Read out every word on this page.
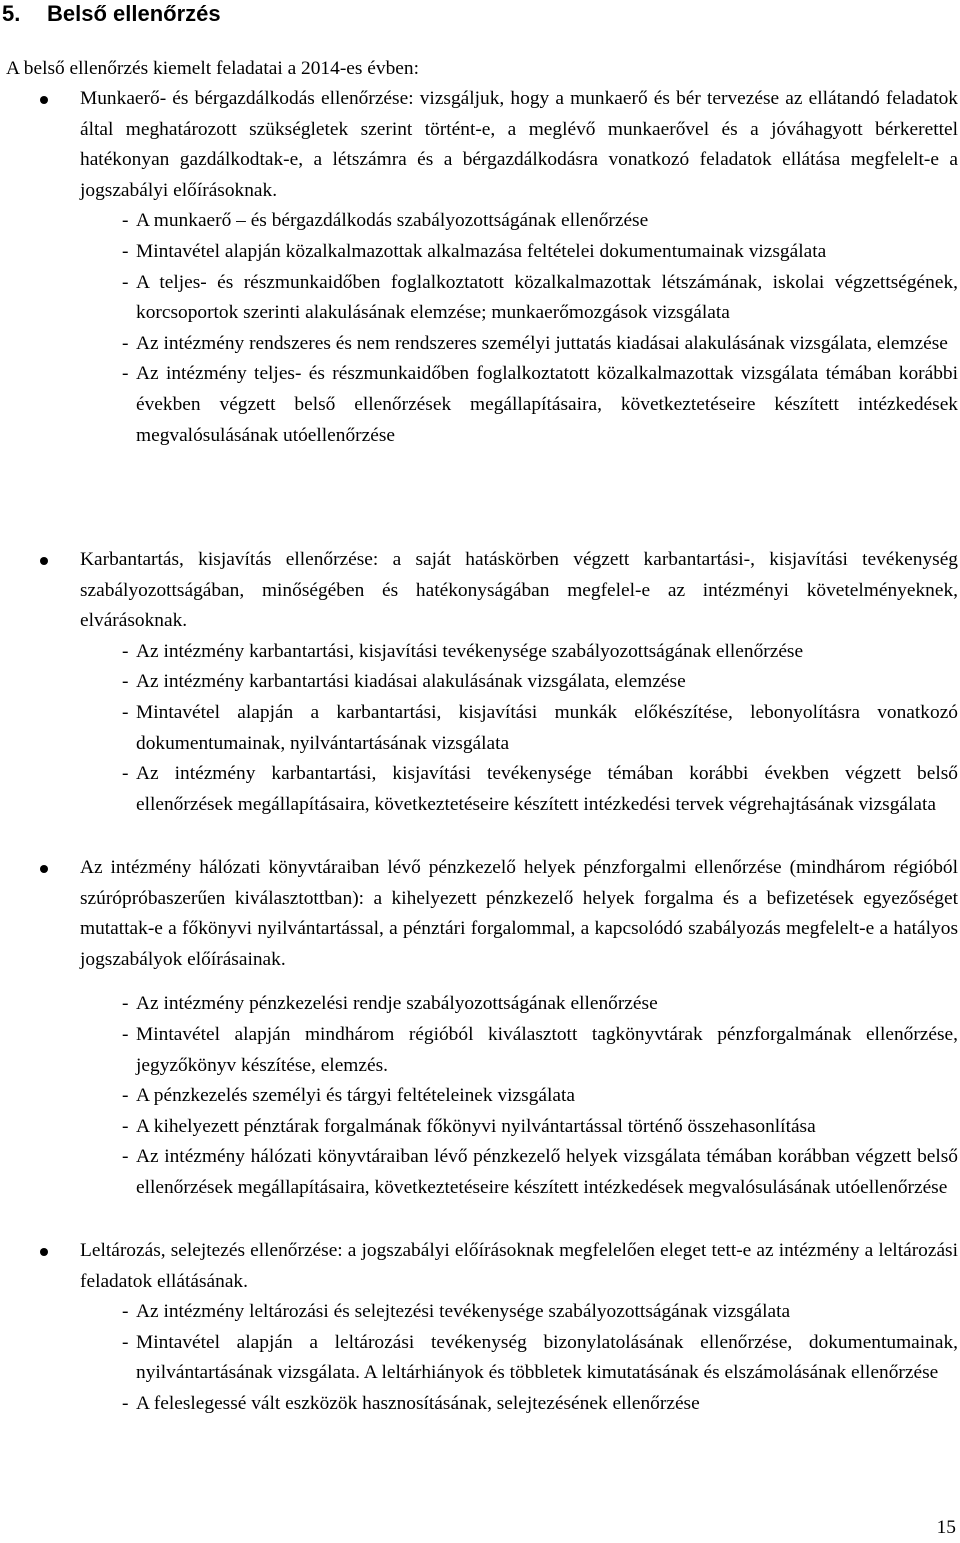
5. Belső ellenőrzés
A belső ellenőrzés kiemelt feladatai a 2014-es évben:
Munkaerő- és bérgazdálkodás ellenőrzése: vizsgáljuk, hogy a munkaerő és bér tervezése az ellátandó feladatok által meghatározott szükségletek szerint történt-e, a meglévő munkaerővel és a jóváhagyott bérkerettel hatékonyan gazdálkodtak-e, a létszámra és a bérgazdálkodásra vonatkozó feladatok ellátása megfelelt-e a jogszabályi előírásoknak.
- A munkaerő – és bérgazdálkodás szabályozottságának ellenőrzése
- Mintavétel alapján közalkalmazottak alkalmazása feltételei dokumentumainak vizsgálata
- A teljes- és részmunkaidőben foglalkoztatott közalkalmazottak létszámának, iskolai végzettségének, korcsoportok szerinti alakulásának elemzése; munkaerőmozgások vizsgálata
- Az intézmény rendszeres és nem rendszeres személyi juttatás kiadásai alakulásának vizsgálata, elemzése
- Az intézmény teljes- és részmunkaidőben foglalkoztatott közalkalmazottak vizsgálata témában korábbi években végzett belső ellenőrzések megállapításaira, következtetéseire készített intézkedések megvalósulásának utóellenőrzése
Karbantartás, kisjavítás ellenőrzése: a saját hatáskörben végzett karbantartási-, kisjavítási tevékenység szabályozottságában, minőségében és hatékonyságában megfelel-e az intézményi követelményeknek, elvárásoknak.
- Az intézmény karbantartási, kisjavítási tevékenysége szabályozottságának ellenőrzése
- Az intézmény karbantartási kiadásai alakulásának vizsgálata, elemzése
- Mintavétel alapján a karbantartási, kisjavítási munkák előkészítése, lebonyolításra vonatkozó dokumentumainak, nyilvántartásának vizsgálata
- Az intézmény karbantartási, kisjavítási tevékenysége témában korábbi években végzett belső ellenőrzések megállapításaira, következtetéseire készített intézkedési tervek végrehajtásának vizsgálata
Az intézmény hálózati könyvtáraiban lévő pénzkezelő helyek pénzforgalmi ellenőrzése (mindhárom régióból szúrópróbaszerűen kiválasztottban): a kihelyezett pénzkezelő helyek forgalma és a befizetések egyezőséget mutattak-e a főkönyvi nyilvántartással, a pénztári forgalommal, a kapcsolódó szabályozás megfelelt-e a hatályos jogszabályok előírásainak.
- Az intézmény pénzkezelési rendje szabályozottságának ellenőrzése
- Mintavétel alapján mindhárom régióból kiválasztott tagkönyvtárak pénzforgalmának ellenőrzése, jegyzőkönyv készítése, elemzés.
- A pénzkezelés személyi és tárgyi feltételeinek vizsgálata
- A kihelyezett pénztárak forgalmának főkönyvi nyilvántartással történő összehasonlítása
- Az intézmény hálózati könyvtáraiban lévő pénzkezelő helyek vizsgálata témában korábban végzett belső ellenőrzések megállapításaira, következtetéseire készített intézkedések megvalósulásának utóellenőrzése
Leltározás, selejtezés ellenőrzése: a jogszabályi előírásoknak megfelelően eleget tett-e az intézmény a leltározási feladatok ellátásának.
- Az intézmény leltározási és selejtezési tevékenysége szabályozottságának vizsgálata
- Mintavétel alapján a leltározási tevékenység bizonylatolásának ellenőrzése, dokumentumainak, nyilvántartásának vizsgálata. A leltárhiányok és többletek kimutatásának és elszámolásának ellenőrzése
- A feleslegessé vált eszközök hasznosításának, selejtezésének ellenőrzése
15
